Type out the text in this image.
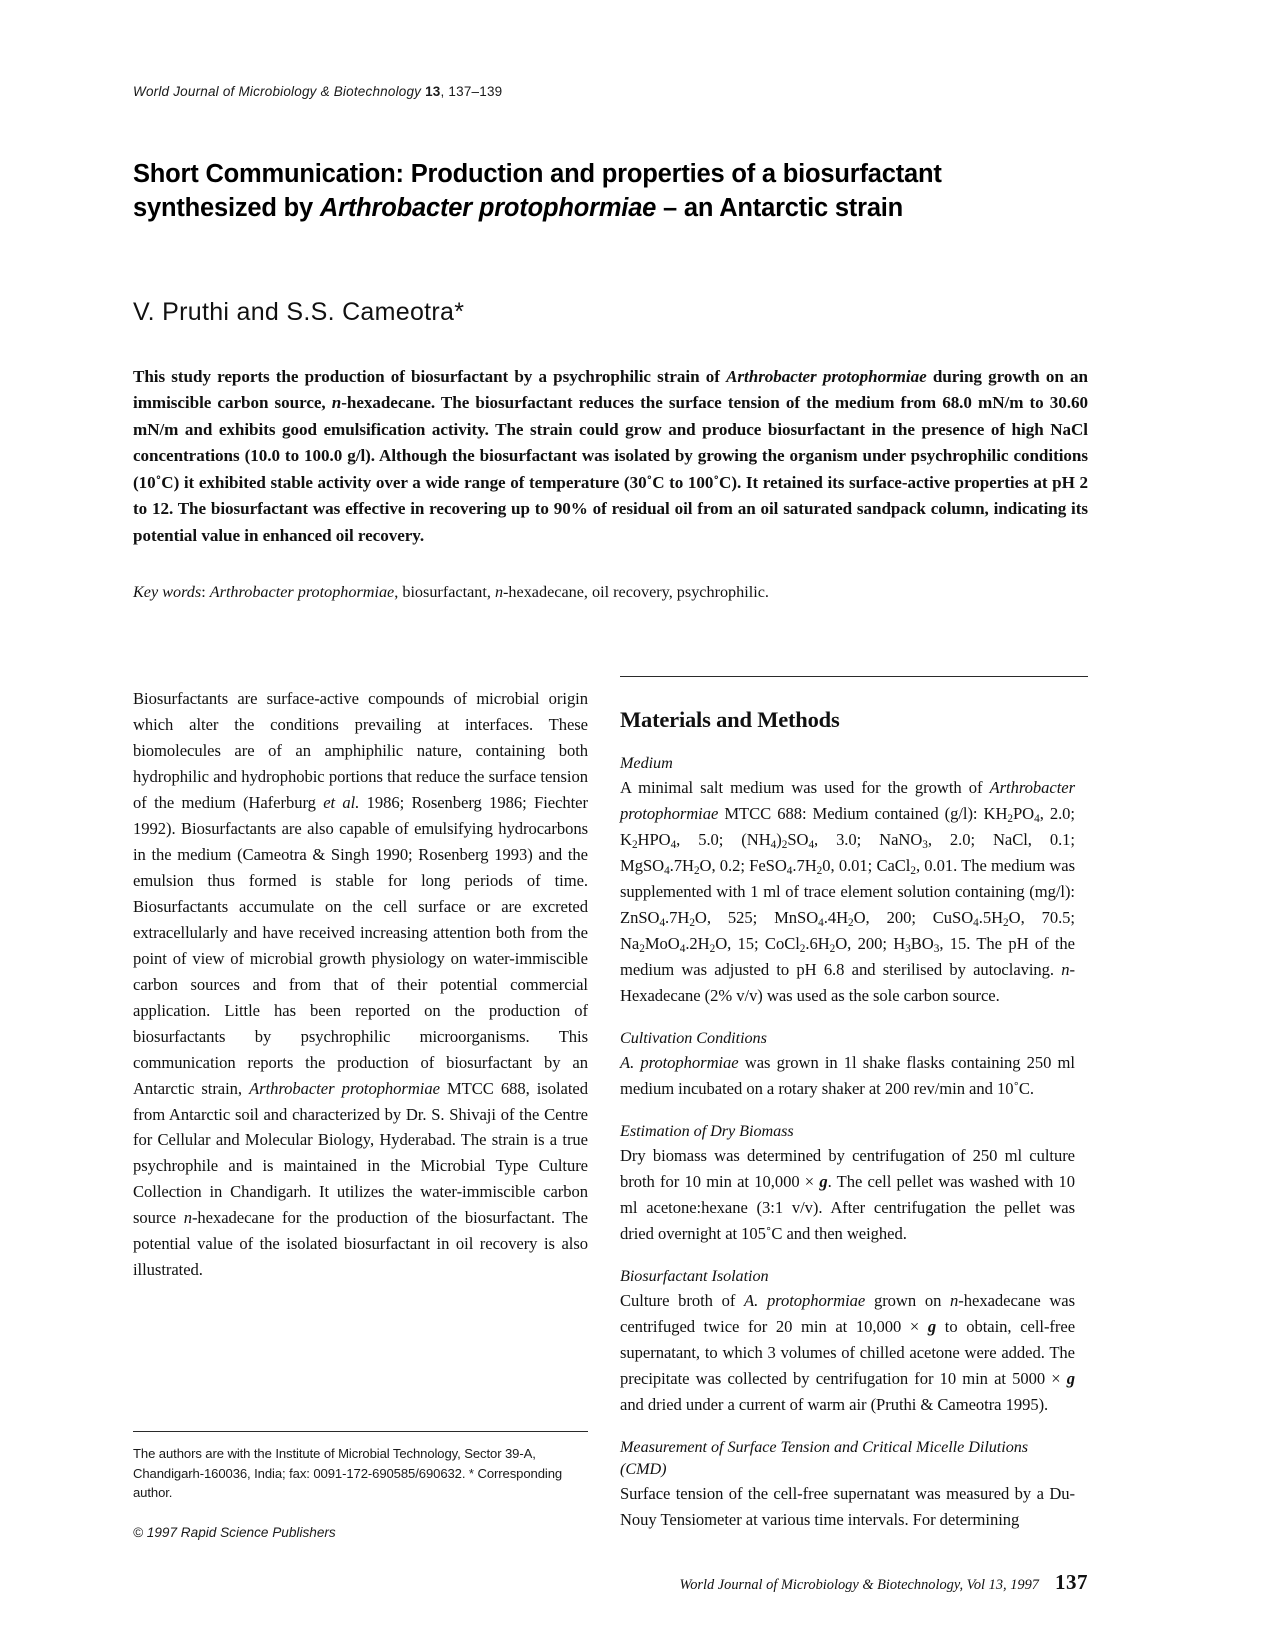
World Journal of Microbiology & Biotechnology 13, 137–139
Short Communication: Production and properties of a biosurfactant
synthesized by Arthrobacter protophormiae – an Antarctic strain
V. Pruthi and S.S. Cameotra*
This study reports the production of biosurfactant by a psychrophilic strain of Arthrobacter protophormiae during growth on an immiscible carbon source, n-hexadecane. The biosurfactant reduces the surface tension of the medium from 68.0 mN/m to 30.60 mN/m and exhibits good emulsification activity. The strain could grow and produce biosurfactant in the presence of high NaCl concentrations (10.0 to 100.0 g/l). Although the biosurfactant was isolated by growing the organism under psychrophilic conditions (10˚C) it exhibited stable activity over a wide range of temperature (30˚C to 100˚C). It retained its surface-active properties at pH 2 to 12. The biosurfactant was effective in recovering up to 90% of residual oil from an oil saturated sandpack column, indicating its potential value in enhanced oil recovery.
Key words: Arthrobacter protophormiae, biosurfactant, n-hexadecane, oil recovery, psychrophilic.

Biosurfactants are surface-active compounds of microbial origin which alter the conditions prevailing at interfaces. These biomolecules are of an amphiphilic nature, containing both hydrophilic and hydrophobic portions that reduce the surface tension of the medium (Haferburg et al. 1986; Rosenberg 1986; Fiechter 1992). Biosurfactants are also capable of emulsifying hydrocarbons in the medium (Cameotra & Singh 1990; Rosenberg 1993) and the emulsion thus formed is stable for long periods of time. Biosurfactants accumulate on the cell surface or are excreted extracellularly and have received increasing attention both from the point of view of microbial growth physiology on water-immiscible carbon sources and from that of their potential commercial application. Little has been reported on the production of biosurfactants by psychrophilic microorganisms. This communication reports the production of biosurfactant by an Antarctic strain, Arthrobacter protophormiae MTCC 688, isolated from Antarctic soil and characterized by Dr. S. Shivaji of the Centre for Cellular and Molecular Biology, Hyderabad. The strain is a true psychrophile and is maintained in the Microbial Type Culture Collection in Chandigarh. It utilizes the water-immiscible carbon source n-hexadecane for the production of the biosurfactant. The potential value of the isolated biosurfactant in oil recovery is also illustrated.

Materials and Methods
Medium

A minimal salt medium was used for the growth of Arthrobacter protophormiae MTCC 688: Medium contained (g/l): $KH_2PO_4$, 2.0; $K_2HPO_4$, 5.0; $(NH_4)_2SO_4$, 3.0; NaNO$_3$, 2.0; NaCl, 0.1; $MgSO_4.7H_2O$, 0.2; $FeSO_4.7H_20$, 0.01; CaCl$_2$, 0.01. The medium was supplemented with 1 ml of trace element solution containing (mg/l): $ZnSO_4.7H_2O$, 525; $MnSO_4.4H_2O$, 200; $CuSO_4.5H_2O$, 70.5; $Na_2MoO_4.2H_2O$, 15; $CoCl_2.6H_2O$, 200; $H_3BO_3$, 15. The pH of the medium was adjusted to pH 6.8 and sterilised by autoclaving. n-Hexadecane (2% v/v) was used as the sole carbon source.

Cultivation Conditions

A. protophormiae was grown in 1l shake flasks containing 250 ml medium incubated on a rotary shaker at 200 rev/min and 10˚C.

Estimation of Dry Biomass

Dry biomass was determined by centrifugation of 250 ml culture broth for 10 min at 10,000 × g. The cell pellet was washed with 10 ml acetone:hexane (3:1 v/v). After centrifugation the pellet was dried overnight at 105˚C and then weighed.

Biosurfactant Isolation

Culture broth of A. protophormiae grown on n-hexadecane was centrifuged twice for 20 min at 10,000 × g to obtain, cell-free supernatant, to which 3 volumes of chilled acetone were added. The precipitate was collected by centrifugation for 10 min at 5000 × g and dried under a current of warm air (Pruthi & Cameotra 1995).

Measurement of Surface Tension and Critical Micelle Dilutions
(CMD)

Surface tension of the cell-free supernatant was measured by a Du-Nouy Tensiometer at various time intervals. For determining

The authors are with the Institute of Microbial Technology, Sector 39-A, Chandigarh-160036, India; fax: 0091-172-690585/690632. * Corresponding author.
© 1997 Rapid Science Publishers
World Journal of Microbiology & Biotechnology, Vol 13, 1997 137
